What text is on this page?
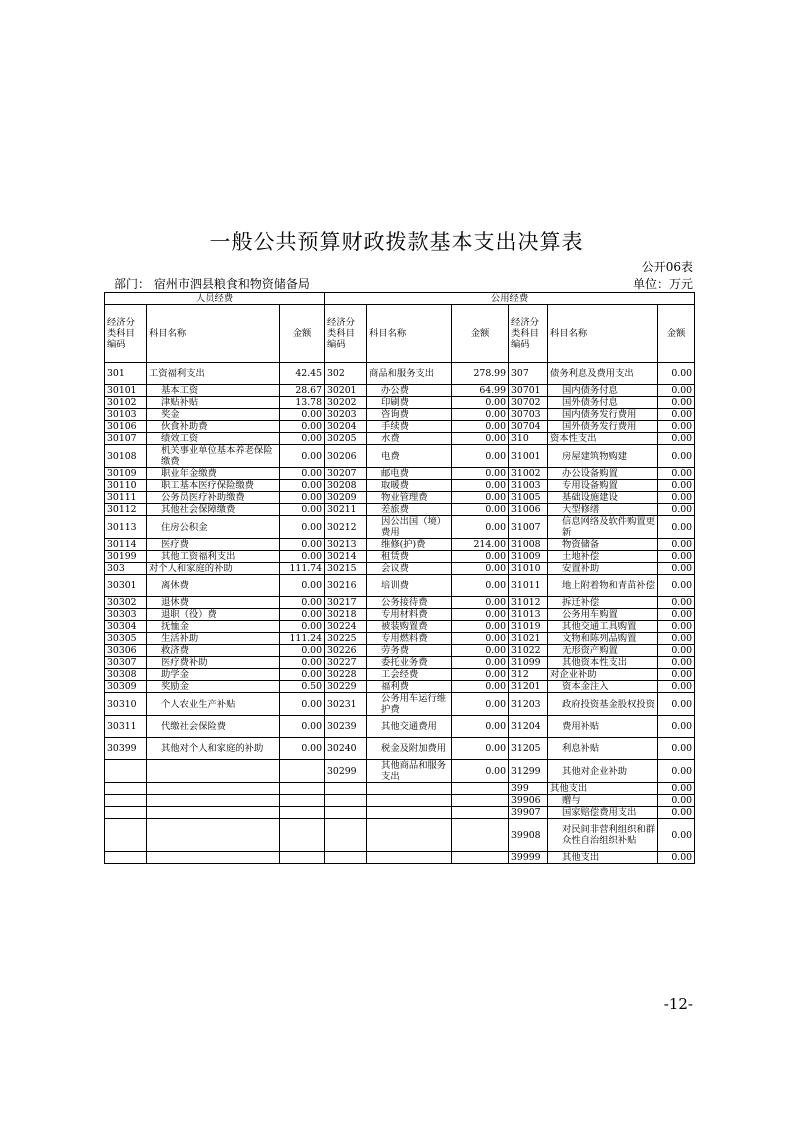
一般公共预算财政拨款基本支出决算表
公开06表
部门： 宿州市泗县粮食和物资储备局	单位：万元
人员经费			公用经费					
经济分类科目编码	科目名称	金额	经济分类科目编码	科目名称	金额	经济分类科目编码	科目名称	金额
301	工资福利支出	42.45	302	商品和服务支出	278.99	307	债务利息及费用支出	0.00
30101	基本工资	28.67	30201	办公费	64.99	30701	国内债务付息	0.00
30102	津贴补贴	13.78	30202	印刷费	0.00	30702	国外债务付息	0.00
30103	奖金	0.00	30203	咨询费	0.00	30703	国内债务发行费用	0.00
30106	伙食补助费	0.00	30204	手续费	0.00	30704	国外债务发行费用	0.00
30107	绩效工资	0.00	30205	水费	0.00	310	资本性支出	0.00
30108	机关事业单位基本养老保险缴费	0.00	30206	电费	0.00	31001	房屋建筑物购建	0.00
30109	职业年金缴费	0.00	30207	邮电费	0.00	31002	办公设备购置	0.00
30110	职工基本医疗保险缴费	0.00	30208	取暖费	0.00	31003	专用设备购置	0.00
30111	公务员医疗补助缴费	0.00	30209	物业管理费	0.00	31005	基础设施建设	0.00
30112	其他社会保障缴费	0.00	30211	差旅费	0.00	31006	大型修缮	0.00
30113	住房公积金	0.00	30212	因公出国（境）费用	0.00	31007	信息网络及软件购置更新	0.00
30114	医疗费	0.00	30213	维修(护)费	214.00	31008	物资储备	0.00
30199	其他工资福利支出	0.00	30214	租赁费	0.00	31009	土地补偿	0.00
303	对个人和家庭的补助	111.74	30215	会议费	0.00	31010	安置补助	0.00
30301	离休费	0.00	30216	培训费	0.00	31011	地上附着物和青苗补偿	0.00
30302	退休费	0.00	30217	公务接待费	0.00	31012	拆迁补偿	0.00
30303	退职（役）费	0.00	30218	专用材料费	0.00	31013	公务用车购置	0.00
30304	抚恤金	0.00	30224	被装购置费	0.00	31019	其他交通工具购置	0.00
30305	生活补助	111.24	30225	专用燃料费	0.00	31021	文物和陈列品购置	0.00
30306	救济费	0.00	30226	劳务费	0.00	31022	无形资产购置	0.00
30307	医疗费补助	0.00	30227	委托业务费	0.00	31099	其他资本性支出	0.00
30308	助学金	0.00	30228	工会经费	0.00	312	对企业补助	0.00
30309	奖励金	0.50	30229	福利费	0.00	31201	资本金注入	0.00
30310	个人农业生产补贴	0.00	30231	公务用车运行维护费	0.00	31203	政府投资基金股权投资	0.00
30311	代缴社会保险费	0.00	30239	其他交通费用	0.00	31204	费用补贴	0.00
30399	其他对个人和家庭的补助	0.00	30240	税金及附加费用	0.00	31205	利息补贴	0.00
			30299	其他商品和服务支出	0.00	31299	其他对企业补助	0.00
						399	其他支出	0.00
						39906	赠与	0.00
						39907	国家赔偿费用支出	0.00
						39908	对民间非营利组织和群众性自治组织补贴	0.00
						39999	其他支出	0.00
-12-
